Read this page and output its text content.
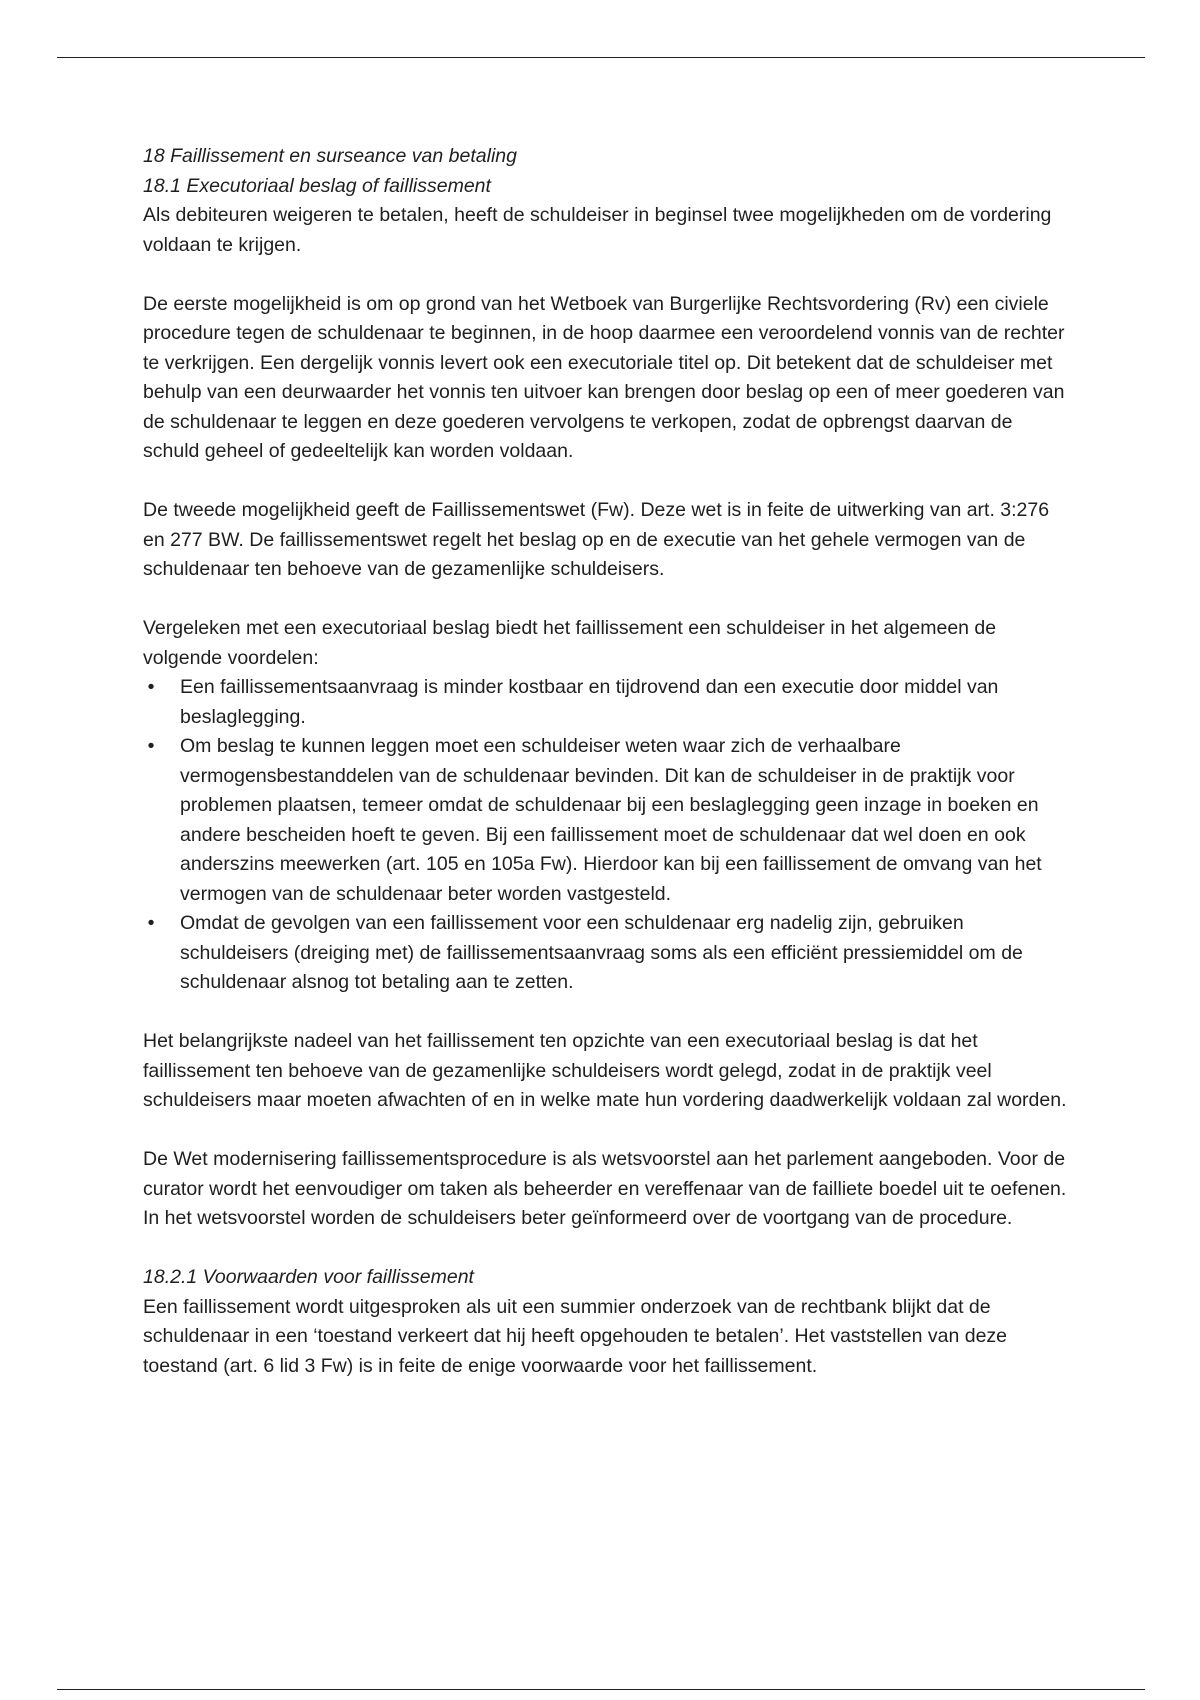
18 Faillissement en surseance van betaling

18.1 Executoriaal beslag of faillissement

Als debiteuren weigeren te betalen, heeft de schuldeiser in beginsel twee mogelijkheden om de vordering voldaan te krijgen.

De eerste mogelijkheid is om op grond van het Wetboek van Burgerlijke Rechtsvordering (Rv) een civiele procedure tegen de schuldenaar te beginnen, in de hoop daarmee een veroordelend vonnis van de rechter te verkrijgen. Een dergelijk vonnis levert ook een executoriale titel op. Dit betekent dat de schuldeiser met behulp van een deurwaarder het vonnis ten uitvoer kan brengen door beslag op een of meer goederen van de schuldenaar te leggen en deze goederen vervolgens te verkopen, zodat de opbrengst daarvan de schuld geheel of gedeeltelijk kan worden voldaan.

De tweede mogelijkheid geeft de Faillissementswet (Fw). Deze wet is in feite de uitwerking van art. 3:276 en 277 BW. De faillissementswet regelt het beslag op en de executie van het gehele vermogen van de schuldenaar ten behoeve van de gezamenlijke schuldeisers.

Vergeleken met een executoriaal beslag biedt het faillissement een schuldeiser in het algemeen de volgende voordelen:

• Een faillissementsaanvraag is minder kostbaar en tijdrovend dan een executie door middel van beslaglegging.
• Om beslag te kunnen leggen moet een schuldeiser weten waar zich de verhaalbare vermogensbestanddelen van de schuldenaar bevinden. Dit kan de schuldeiser in de praktijk voor problemen plaatsen, temeer omdat de schuldenaar bij een beslaglegging geen inzage in boeken en andere bescheiden hoeft te geven. Bij een faillissement moet de schuldenaar dat wel doen en ook anderszins meewerken (art. 105 en 105a Fw). Hierdoor kan bij een faillissement de omvang van het vermogen van de schuldenaar beter worden vastgesteld.
• Omdat de gevolgen van een faillissement voor een schuldenaar erg nadelig zijn, gebruiken schuldeisers (dreiging met) de faillissementsaanvraag soms als een efficiënt pressiemiddel om de schuldenaar alsnog tot betaling aan te zetten.

Het belangrijkste nadeel van het faillissement ten opzichte van een executoriaal beslag is dat het faillissement ten behoeve van de gezamenlijke schuldeisers wordt gelegd, zodat in de praktijk veel schuldeisers maar moeten afwachten of en in welke mate hun vordering daadwerkelijk voldaan zal worden.

De Wet modernisering faillissementsprocedure is als wetsvoorstel aan het parlement aangeboden. Voor de curator wordt het eenvoudiger om taken als beheerder en vereffenaar van de failliete boedel uit te oefenen. In het wetsvoorstel worden de schuldeisers beter geïnformeerd over de voortgang van de procedure.

18.2.1 Voorwaarden voor faillissement

Een faillissement wordt uitgesproken als uit een summier onderzoek van de rechtbank blijkt dat de schuldenaar in een ‘toestand verkeert dat hij heeft opgehouden te betalen’. Het vaststellen van deze toestand (art. 6 lid 3 Fw) is in feite de enige voorwaarde voor het faillissement.
